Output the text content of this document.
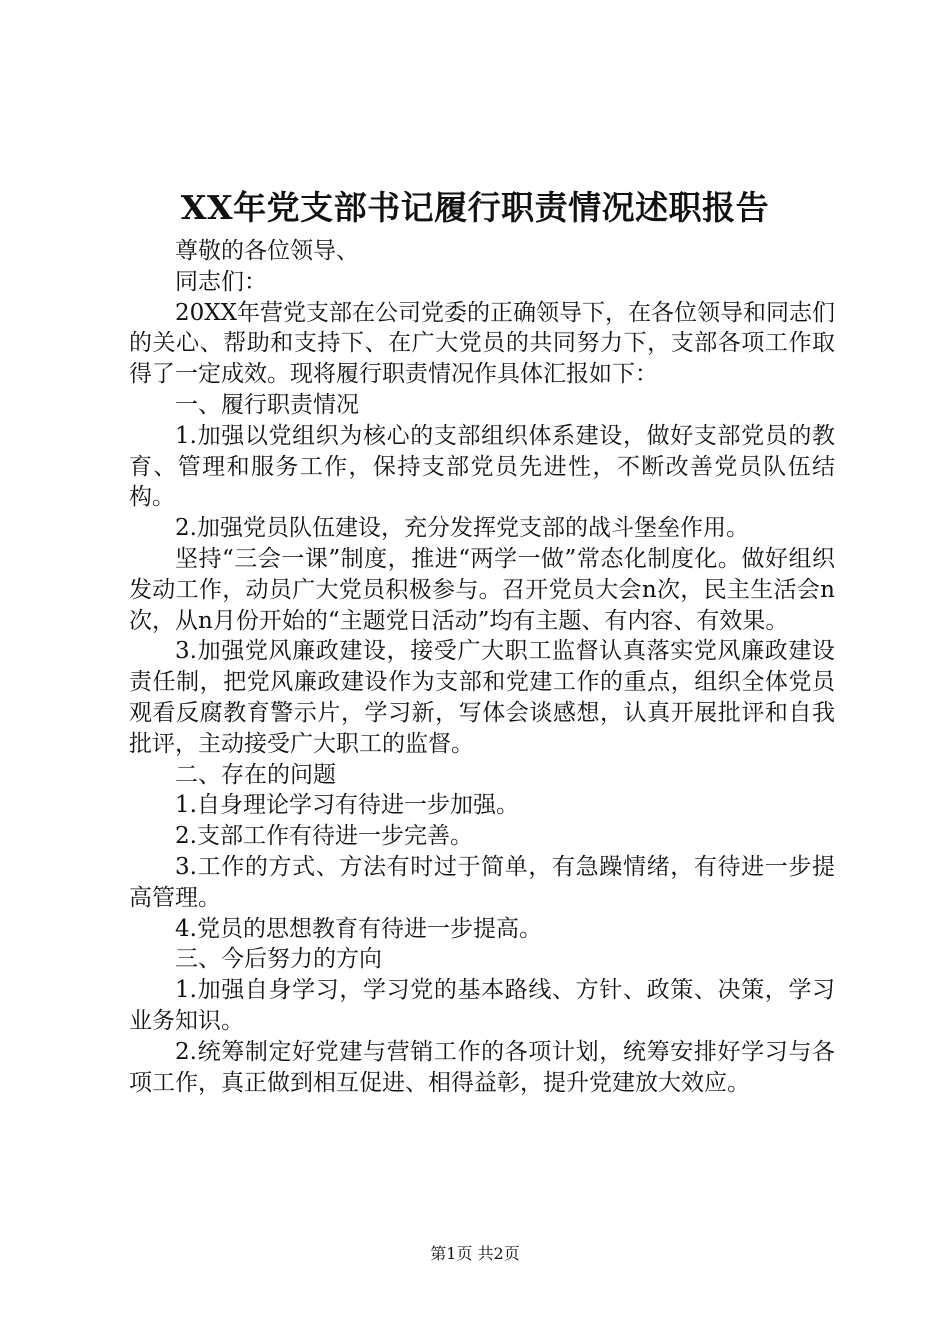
XX年党支部书记履行职责情况述职报告

尊敬的各位领导、

同志们：

20XX年营党支部在公司党委的正确领导下，在各位领导和同志们的关心、帮助和支持下、在广大党员的共同努力下，支部各项工作取得了一定成效。现将履行职责情况作具体汇报如下：

一、履行职责情况

1.加强以党组织为核心的支部组织体系建设，做好支部党员的教育、管理和服务工作，保持支部党员先进性，不断改善党员队伍结构。

2.加强党员队伍建设，充分发挥党支部的战斗堡垒作用。

坚持“三会一课”制度，推进“两学一做”常态化制度化。做好组织发动工作，动员广大党员积极参与。召开党员大会n次，民主生活会n次，从n月份开始的“主题党日活动”均有主题、有内容、有效果。

3.加强党风廉政建设，接受广大职工监督认真落实党风廉政建设责任制，把党风廉政建设作为支部和党建工作的重点，组织全体党员观看反腐教育警示片，学习新，写体会谈感想，认真开展批评和自我批评，主动接受广大职工的监督。

二、存在的问题

1.自身理论学习有待进一步加强。

2.支部工作有待进一步完善。

3.工作的方式、方法有时过于简单，有急躁情绪，有待进一步提高管理。

4.党员的思想教育有待进一步提高。

三、今后努力的方向

1.加强自身学习，学习党的基本路线、方针、政策、决策，学习业务知识。

2.统筹制定好党建与营销工作的各项计划，统筹安排好学习与各项工作，真正做到相互促进、相得益彰，提升党建放大效应。

第1页 共2页
